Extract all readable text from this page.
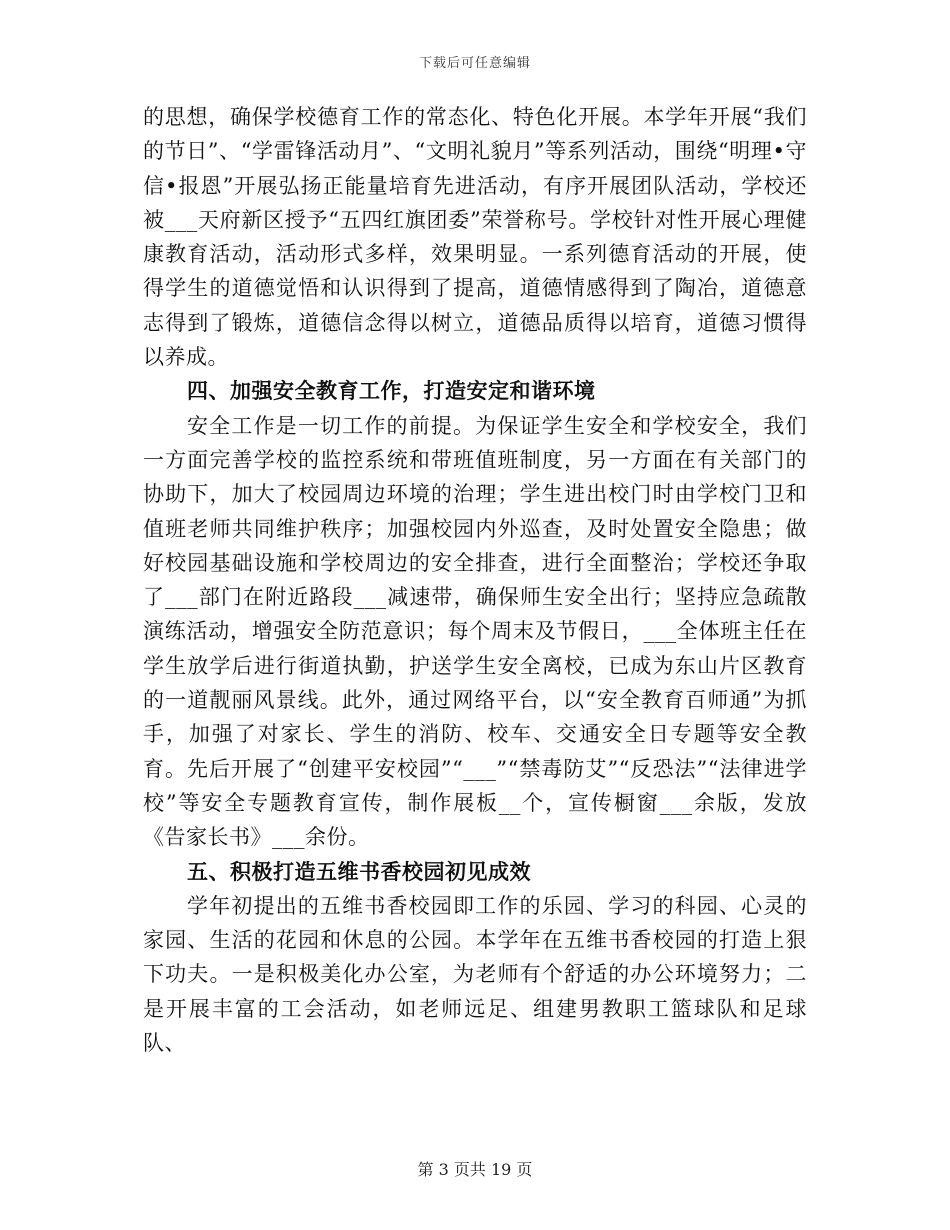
下载后可任意编辑

的思想，确保学校德育工作的常态化、特色化开展。本学年开展“我们的节日”、“学雷锋活动月”、“文明礼貌月”等系列活动，围绕“明理•守信•报恩”开展弘扬正能量培育先进活动，有序开展团队活动，学校还被___天府新区授予“五四红旗团委”荣誉称号。学校针对性开展心理健康教育活动，活动形式多样，效果明显。一系列德育活动的开展，使得学生的道德觉悟和认识得到了提高，道德情感得到了陶冶，道德意志得到了锻炼，道德信念得以树立，道德品质得以培育，道德习惯得以养成。

四、加强安全教育工作，打造安定和谐环境

安全工作是一切工作的前提。为保证学生安全和学校安全，我们一方面完善学校的监控系统和带班值班制度，另一方面在有关部门的协助下，加大了校园周边环境的治理；学生进出校门时由学校门卫和值班老师共同维护秩序；加强校园内外巡查，及时处置安全隐患；做好校园基础设施和学校周边的安全排查，进行全面整治；学校还争取了___部门在附近路段___减速带，确保师生安全出行；坚持应急疏散演练活动，增强安全防范意识；每个周末及节假日，___全体班主任在学生放学后进行街道执勤，护送学生安全离校，已成为东山片区教育的一道靓丽风景线。此外，通过网络平台，以“安全教育百师通”为抓手，加强了对家长、学生的消防、校车、交通安全日专题等安全教育。先后开展了“创建平安校园”“___”“禁毒防艾”“反恐法”“法律进学校”等安全专题教育宣传，制作展板__个，宣传橱窗___余版，发放《告家长书》___余份。

五、积极打造五维书香校园初见成效

学年初提出的五维书香校园即工作的乐园、学习的科园、心灵的家园、生活的花园和休息的公园。本学年在五维书香校园的打造上狠下功夫。一是积极美化办公室，为老师有个舒适的办公环境努力；二是开展丰富的工会活动，如老师远足、组建男教职工篮球队和足球队、

第 3 页共 19 页
